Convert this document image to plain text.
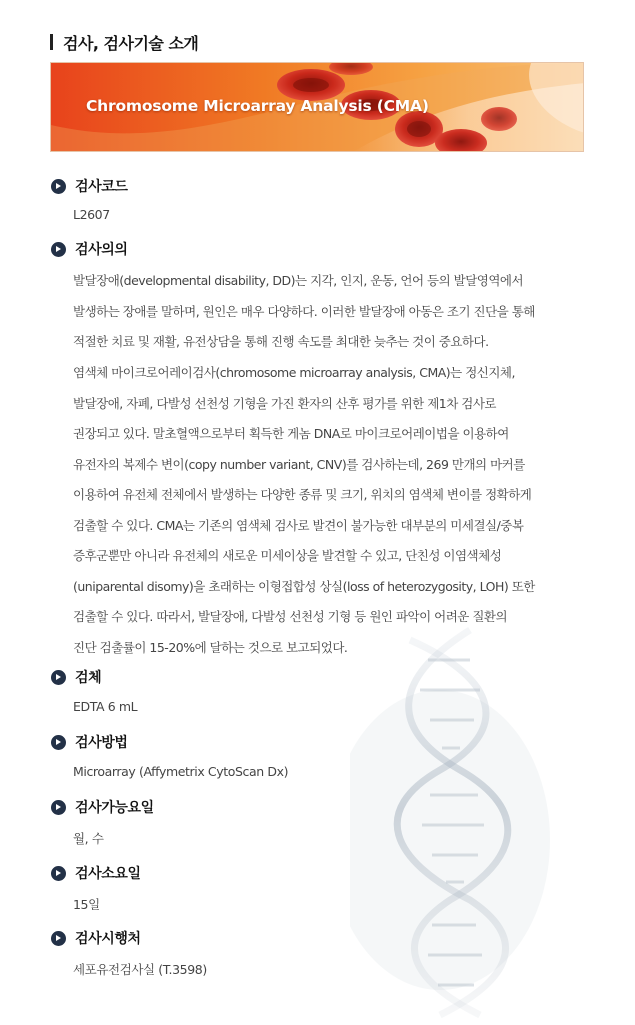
검사, 검사기술 소개
Chromosome Microarray Analysis (CMA)
검사코드
L2607
검사의의
발달장애(developmental disability, DD)는 지각, 인지, 운동, 언어 등의 발달영역에서
발생하는 장애를 말하며, 원인은 매우 다양하다. 이러한 발달장애 아동은 조기 진단을 통해
적절한 치료 및 재활, 유전상담을 통해 진행 속도를 최대한 늦추는 것이 중요하다.
염색체 마이크로어레이검사(chromosome microarray analysis, CMA)는 정신지체,
발달장애, 자폐, 다발성 선천성 기형을 가진 환자의 산후 평가를 위한 제1차 검사로
권장되고 있다. 말초혈액으로부터 획득한 게놈 DNA로 마이크로어레이법을 이용하여
유전자의 복제수 변이(copy number variant, CNV)를 검사하는데, 269 만개의 마커를
이용하여 유전체 전체에서 발생하는 다양한 종류 및 크기, 위치의 염색체 변이를 정확하게
검출할 수 있다. CMA는 기존의 염색체 검사로 발견이 불가능한 대부분의 미세결실/중복
증후군뿐만 아니라 유전체의 새로운 미세이상을 발견할 수 있고, 단친성 이염색체성
(uniparental disomy)을 초래하는 이형접합성 상실(loss of heterozygosity, LOH) 또한
검출할 수 있다. 따라서, 발달장애, 다발성 선천성 기형 등 원인 파악이 어려운 질환의
진단 검출률이 15-20%에 달하는 것으로 보고되었다.
검체
EDTA 6 mL
검사방법
Microarray (Affymetrix CytoScan Dx)
검사가능요일
월, 수
검사소요일
15일
검사시행처
세포유전검사실 (T.3598)
